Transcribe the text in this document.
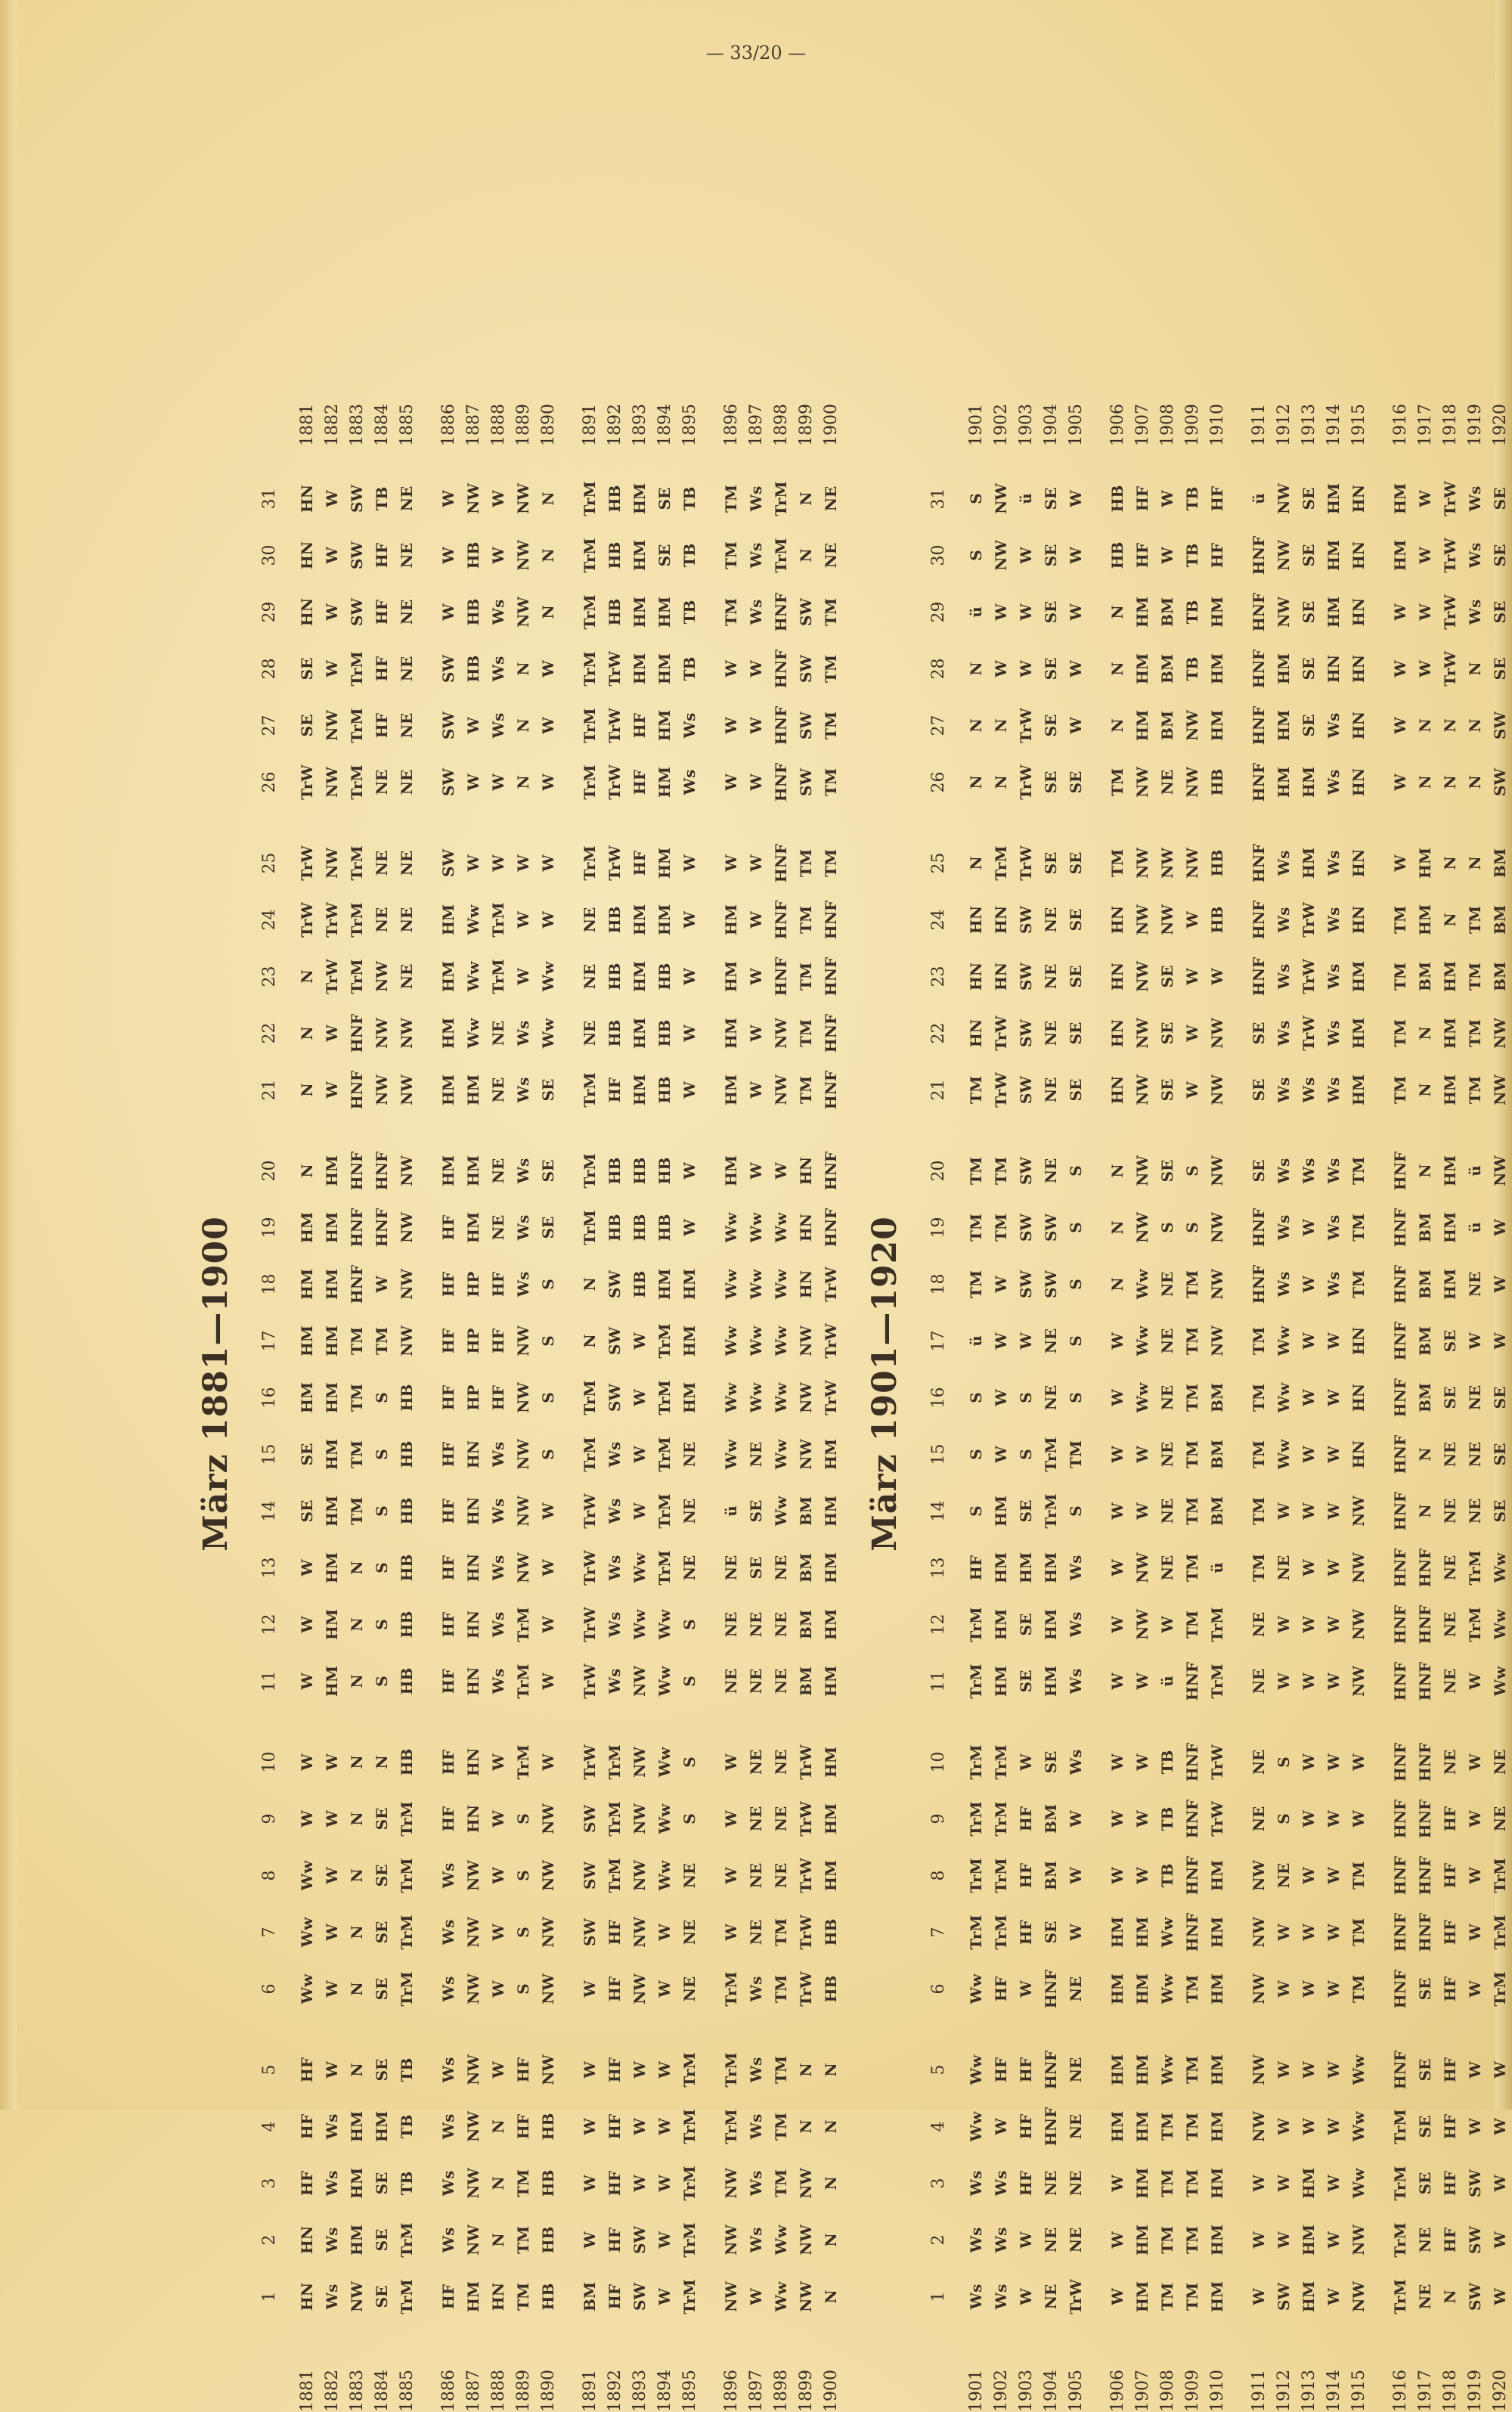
— 33/20 —
März 1881—1900
12345678910111213141516171819202122232425262728293031
1881
HNHNHFHFHFWwWwWwWWWWWSESEHMHMHMHMNNNNTrWTrWTrWSESEHNHNHN
1881
1882
WsWsWsWsWWWWWWHMHMHMHMHMHMHMHMHMHMWWTrWTrWNWNWNWWWWW
1882
1883
NWHMHMHMNNNNNNNNNTMTMTMTMHNFHNFHNFHNFHNFTrMTrMTrMTrMTrMTrMSWSWSW
1883
1884
SESESEHMSESESESESENSSSSSSTMWHNFHNFNWNWNWNENENEHFHFHFHFTB
1884
1885
TrMTrMTBTBTBTrMTrMTrMTrMHBHBHBHBHBHBHBNWNWNWNWNWNWNENENENENENENENENE
1885
1886
HFWsWsWsWsWsWsWsHFHFHFHFHFHFHFHFHFHFHFHMHMHMHMHMSWSWSWSWWWW
1886
1887
HMNWNWNWNWNWNWNWHNHNHNHNHNHNHNHPHPHPHMHMHMWwWwWwWWWHBHBHBNW
1887
1888
HNNNNWWWWWWWsWsWsWsWsHFHFHFNENENENETrMTrMWWWsWsWsWW
1888
1889
TMTMTMHFHFSSSSTrMTrMTrMNWNWNWNWNWWsWsWsWsWsWWWNNNNWNWNW
1889
1890
HBHBHBHBNWNWNWNWNWWWWWWSSSSSESESEWwWwWWWWWNNN
1890
1891
BMWWWWWSWSWSWTrWTrWTrWTrWTrWTrMTrMNNTrMTrMTrMNENENETrMTrMTrMTrMTrMTrMTrM
1891
1892
HFHFHFHFHFHFHFTrMTrMTrMWsWsWsWsWsSWSWSWHBHBHFHBHBHBTrWTrWTrWTrWHBHBHB
1892
1893
SWSWWWWNWNWNWNWNWNWWwWwWWWWHBHBHBHMHMHMHMHFHFHFHMHMHMHM
1893
1894
WWWWWWWWwWwWwWwWwTrMTrMTrMTrMTrMHMHBHBHBHBHBHMHMHMHMHMHMSESE
1894
1895
TrMTrMTrMTrMTrMNENENESSSSNENENEHMHMHMWWWWWWWWsWsTBTBTBTB
1895
1896
NWNWNWTrMTrMTrMWWWWNENENEüWwWwWwWwWwHMHMHMHMHMWWWWTMTMTM
1896
1897
WWsWsWsWsWsNENENENENENESESENEWwWwWwWwWWWWWWWWWWsWsWs
1897
1898
WwWwTMTMTMTMTMNENENENENENEWwWwWwWwWwWwWNWNWHNFHNFHNFHNFHNFHNFHNFTrMTrM
1898
1899
NWNWNWNNTrWTrWTrWTrWTrWBMBMBMBMNWNWNWHNHNHNTMTMTMTMTMSWSWSWSWNN
1899
1900
NNNNNHBHBHMHMHMHMHMHMHMHMTrWTrWTrWHNFHNFHNFHNFHNFHNFTMTMTMTMTMNENE
1900
März 1901—1920
12345678910111213141516171819202122232425262728293031
1901
WsWsWsWwWwWwTrMTrMTrMTrMTrMTrMHFSSSüTMTMTMTMHNHNHNNNNNüSS
1901
1902
WsWsWsWHFHFTrMTrMTrMTrMHMHMHMHMWWWWTMTMTrWTrWHNHNTrMNNWWNWNW
1902
1903
WWHFHFHFWHFHFHFWSESEHMSESSWSWSWSWSWSWSWSWTrWTrWTrWWWWü
1903
1904
NENENEHNFHNFHNFSEBMBMSEHMHMHMTrMTrMNENESWSWNENENENENESESESESESESESE
1904
1905
TrWNENENENENEWWWWsWsWsWsSTMSSSSSSESESESESESEWWWWW
1905
1906
WWWHMHMHMHMWWWWWWWWWWNNNHNHNHNHNTMTMNNNHBHB
1906
1907
HMHMHMHMHMHMHMWWWWNWNWWWWwWwWwNWNWNWNWNWNWNWNWHMHMHMHFHF
1907
1908
TMTMTMTMWwWwWwTBTBTBüWNENENENENENESSESESESENWNWNEBMBMBMWW
1908
1909
TMTMTMTMTMTMHNFHNFHNFHNFHNFTMTMTMTMTMTMTMSSWWWWNWNWNWTBTBTBTB
1909
1910
HMHMHMHMHMHMHMHMTrWTrWTrMTrMüBMBMBMNWNWNWNWNWNWWHBHBHBHMHMHMHFHF
1910
1911
WWWNWNWNWNWNWNENENENETMTMTMTMTMHNFHNFSESESEHNFHNFHNFHNFHNFHNFHNFHNFü
1911
1912
SWWWWWWWNESSWWNEWWwWwWwWsWsWsWsWsWsWsWsHMHMHMNWNWNW
1912
1913
HMHMHMWWWWWWWWWWWWWWWWWsWsTrWTrWTrWHMHMSESESESESE
1913
1914
WWWWWWWWWWWWWWWWWWsWsWsWsWsWsWsWsWsWsHNHMHMHM
1914
1915
NWNWWwWwWwTMTMTMWWNWNWNWNWHNHNHNTMTMTMHMHMHMHNHNHNHNHNHNHNHN
1915
1916
TrMTrMTrMTrMHNFHNFHNFHNFHNFHNFHNFHNFHNFHNFHNFHNFHNFHNFHNFHNFTMTMTMTMWWWWWHMHM
1916
1917
NENESESESESEHNFHNFHNFHNFHNFHNFHNFNNBMBMBMBMNNNBMHMHMNNWWWW
1917
1918
NHFHFHFHFHFHFHFHFNENENENENENESESEHMHMHMHMHMHMNNNNTrWTrWTrWTrW
1918
1919
SWSWSWWWWWWWWWTrMTrMNENENEWNEüüTMTMTMTMNNNNWsWsWs
1919
1920
WWWWWTrMTrMTrMNENEWwWwWwSESESEWWWNWNWNWBMBMBMSWSWSESESESE
1920
